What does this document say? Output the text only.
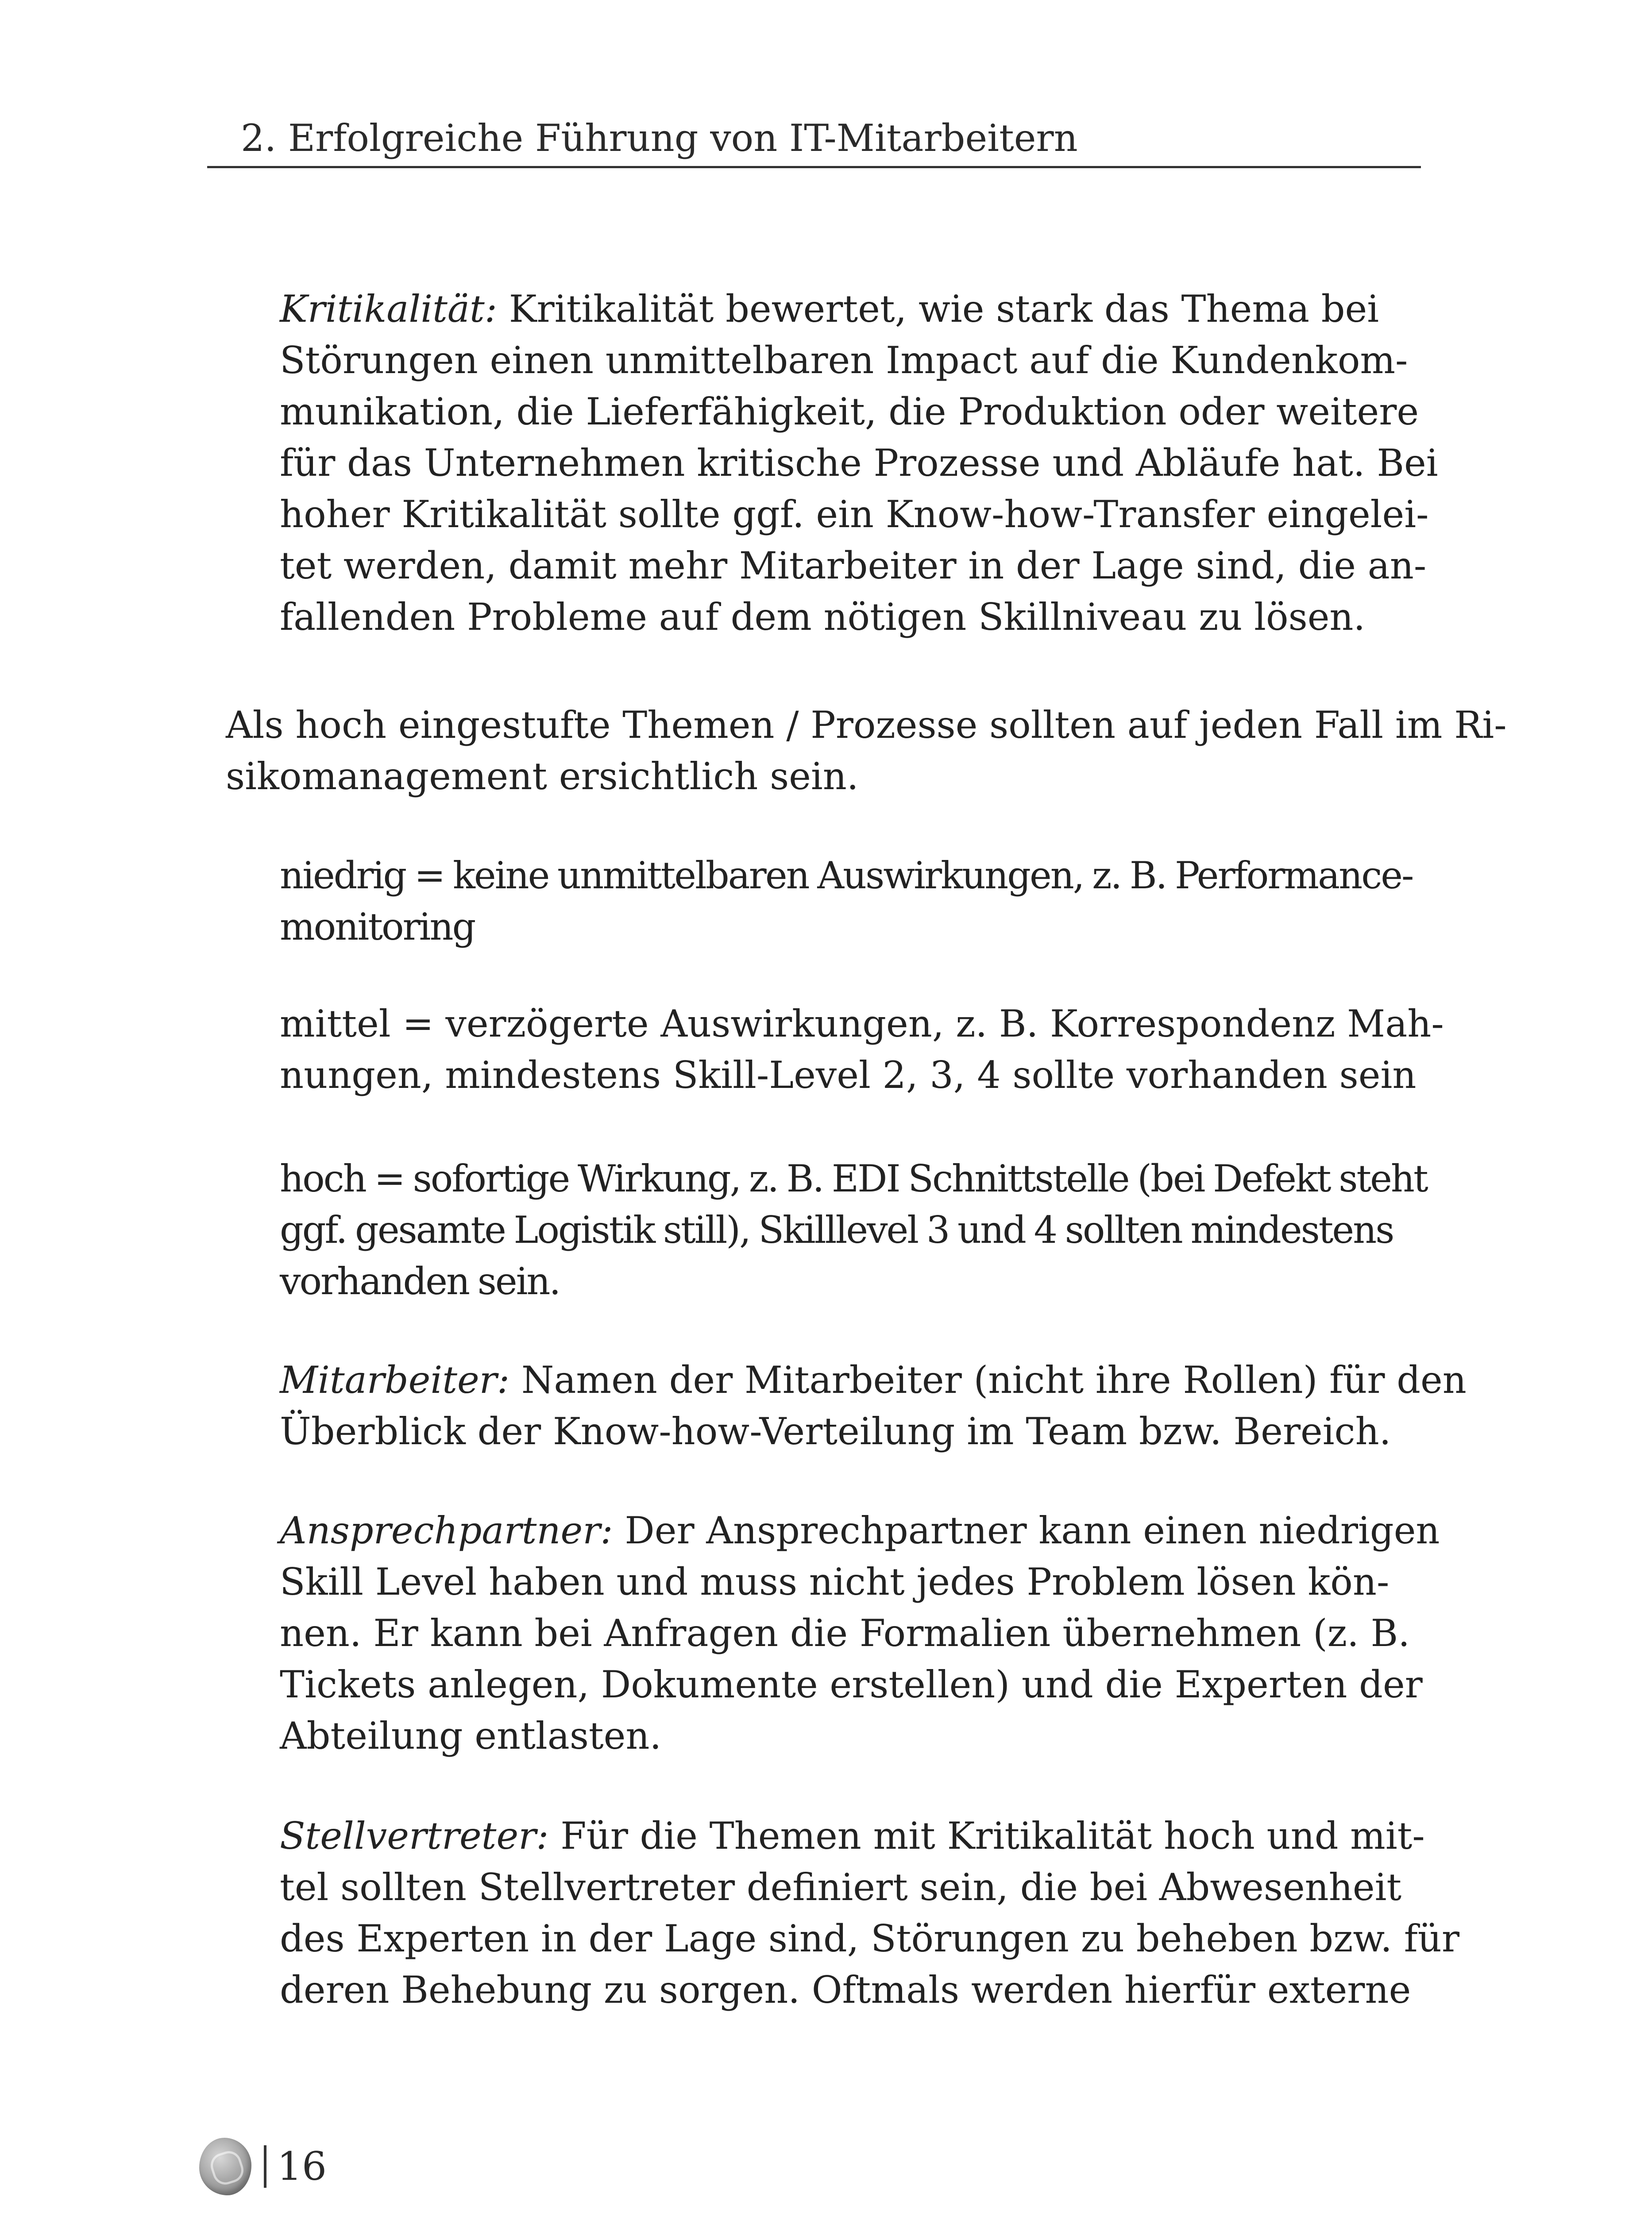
2. Erfolgreiche Führung von IT-Mitarbeitern
Kritikalität: Kritikalität bewertet, wie stark das Thema bei
Störungen einen unmittelbaren Impact auf die Kundenkom-
munikation, die Lieferfähigkeit, die Produktion oder weitere
für das Unternehmen kritische Prozesse und Abläufe hat. Bei
hoher Kritikalität sollte ggf. ein Know-how-Transfer eingelei-
tet werden, damit mehr Mitarbeiter in der Lage sind, die an-
fallenden Probleme auf dem nötigen Skillniveau zu lösen.
Als hoch eingestufte Themen / Prozesse sollten auf jeden Fall im Ri-
sikomanagement ersichtlich sein.
niedrig = keine unmittelbaren Auswirkungen, z. B. Performance-
monitoring
mittel = verzögerte Auswirkungen, z. B. Korrespondenz Mah-
nungen, mindestens Skill-Level 2, 3, 4 sollte vorhanden sein
hoch = sofortige Wirkung, z. B. EDI Schnittstelle (bei Defekt steht
ggf. gesamte Logistik still), Skilllevel 3 und 4 sollten mindestens
vorhanden sein.
Mitarbeiter: Namen der Mitarbeiter (nicht ihre Rollen) für den
Überblick der Know-how-Verteilung im Team bzw. Bereich.
Ansprechpartner: Der Ansprechpartner kann einen niedrigen
Skill Level haben und muss nicht jedes Problem lösen kön-
nen. Er kann bei Anfragen die Formalien übernehmen (z. B.
Tickets anlegen, Dokumente erstellen) und die Experten der
Abteilung entlasten.
Stellvertreter: Für die Themen mit Kritikalität hoch und mit-
tel sollten Stellvertreter definiert sein, die bei Abwesenheit
des Experten in der Lage sind, Störungen zu beheben bzw. für
deren Behebung zu sorgen. Oftmals werden hierfür externe
16
